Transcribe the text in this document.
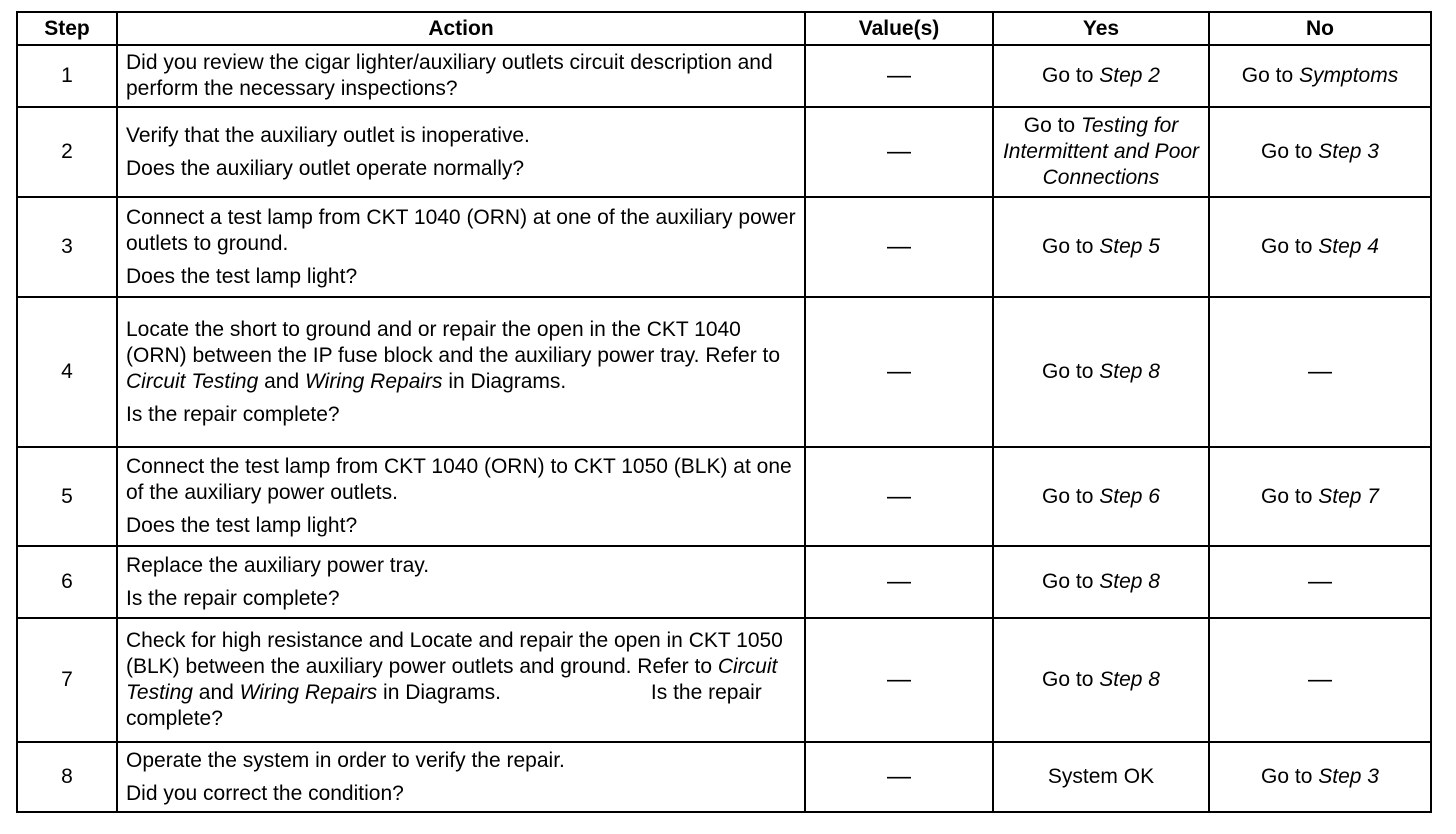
Step	Action	Value(s)	Yes	No
1	Did you review the cigar lighter/auxiliary outlets circuit description and perform the necessary inspections?	—	Go to Step 2	Go to Symptoms
2	Verify that the auxiliary outlet is inoperative.
Does the auxiliary outlet operate normally?	—	Go to Testing for Intermittent and Poor Connections	Go to Step 3
3	Connect a test lamp from CKT 1040 (ORN) at one of the auxiliary power outlets to ground.
Does the test lamp light?	—	Go to Step 5	Go to Step 4
4	Locate the short to ground and or repair the open in the CKT 1040 (ORN) between the IP fuse block and the auxiliary power tray. Refer to Circuit Testing and Wiring Repairs in Diagrams.
Is the repair complete?	—	Go to Step 8	—
5	Connect the test lamp from CKT 1040 (ORN) to CKT 1050 (BLK) at one of the auxiliary power outlets.
Does the test lamp light?	—	Go to Step 6	Go to Step 7
6	Replace the auxiliary power tray.
Is the repair complete?	—	Go to Step 8	—
7	Check for high resistance and Locate and repair the open in CKT 1050 (BLK) between the auxiliary power outlets and ground. Refer to Circuit Testing and Wiring Repairs in Diagrams. Is the repair complete?	—	Go to Step 8	—
8	Operate the system in order to verify the repair.
Did you correct the condition?	—	System OK	Go to Step 3
